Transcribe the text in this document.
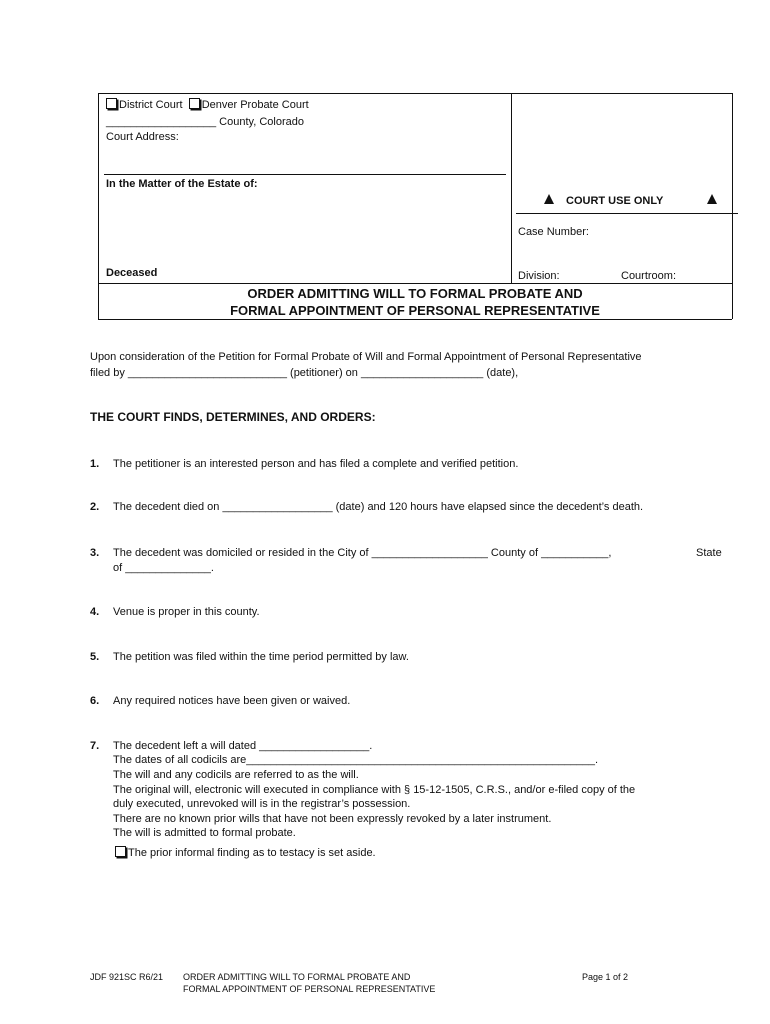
District Court Denver Probate Court
__________________ County, Colorado
Court Address:
In the Matter of the Estate of:
Deceased
COURT USE ONLY
Case Number:
Division:	Courtroom:
ORDER ADMITTING WILL TO FORMAL PROBATE AND
FORMAL APPOINTMENT OF PERSONAL REPRESENTATIVE
Upon consideration of the Petition for Formal Probate of Will and Formal Appointment of Personal Representative
filed by __________________________ (petitioner) on ____________________ (date),
THE COURT FINDS, DETERMINES, AND ORDERS:
1. The petitioner is an interested person and has filed a complete and verified petition.
2. The decedent died on __________________ (date) and 120 hours have elapsed since the decedent’s death.
3. The decedent was domiciled or resided in the City of ___________________ County of ___________,	State
of ______________.
4. Venue is proper in this county.
5. The petition was filed within the time period permitted by law.
6. Any required notices have been given or waived.
7. The decedent left a will dated __________________.
The dates of all codicils are_________________________________________________________.
The will and any codicils are referred to as the will.
The original will, electronic will executed in compliance with § 15-12-1505, C.R.S., and/or e-filed copy of the
duly executed, unrevoked will is in the registrar’s possession.
There are no known prior wills that have not been expressly revoked by a later instrument.
The will is admitted to formal probate.
The prior informal finding as to testacy is set aside.
JDF 921SC R6/21 ORDER ADMITTING WILL TO FORMAL PROBATE AND
FORMAL APPOINTMENT OF PERSONAL REPRESENTATIVE
Page 1 of 2
